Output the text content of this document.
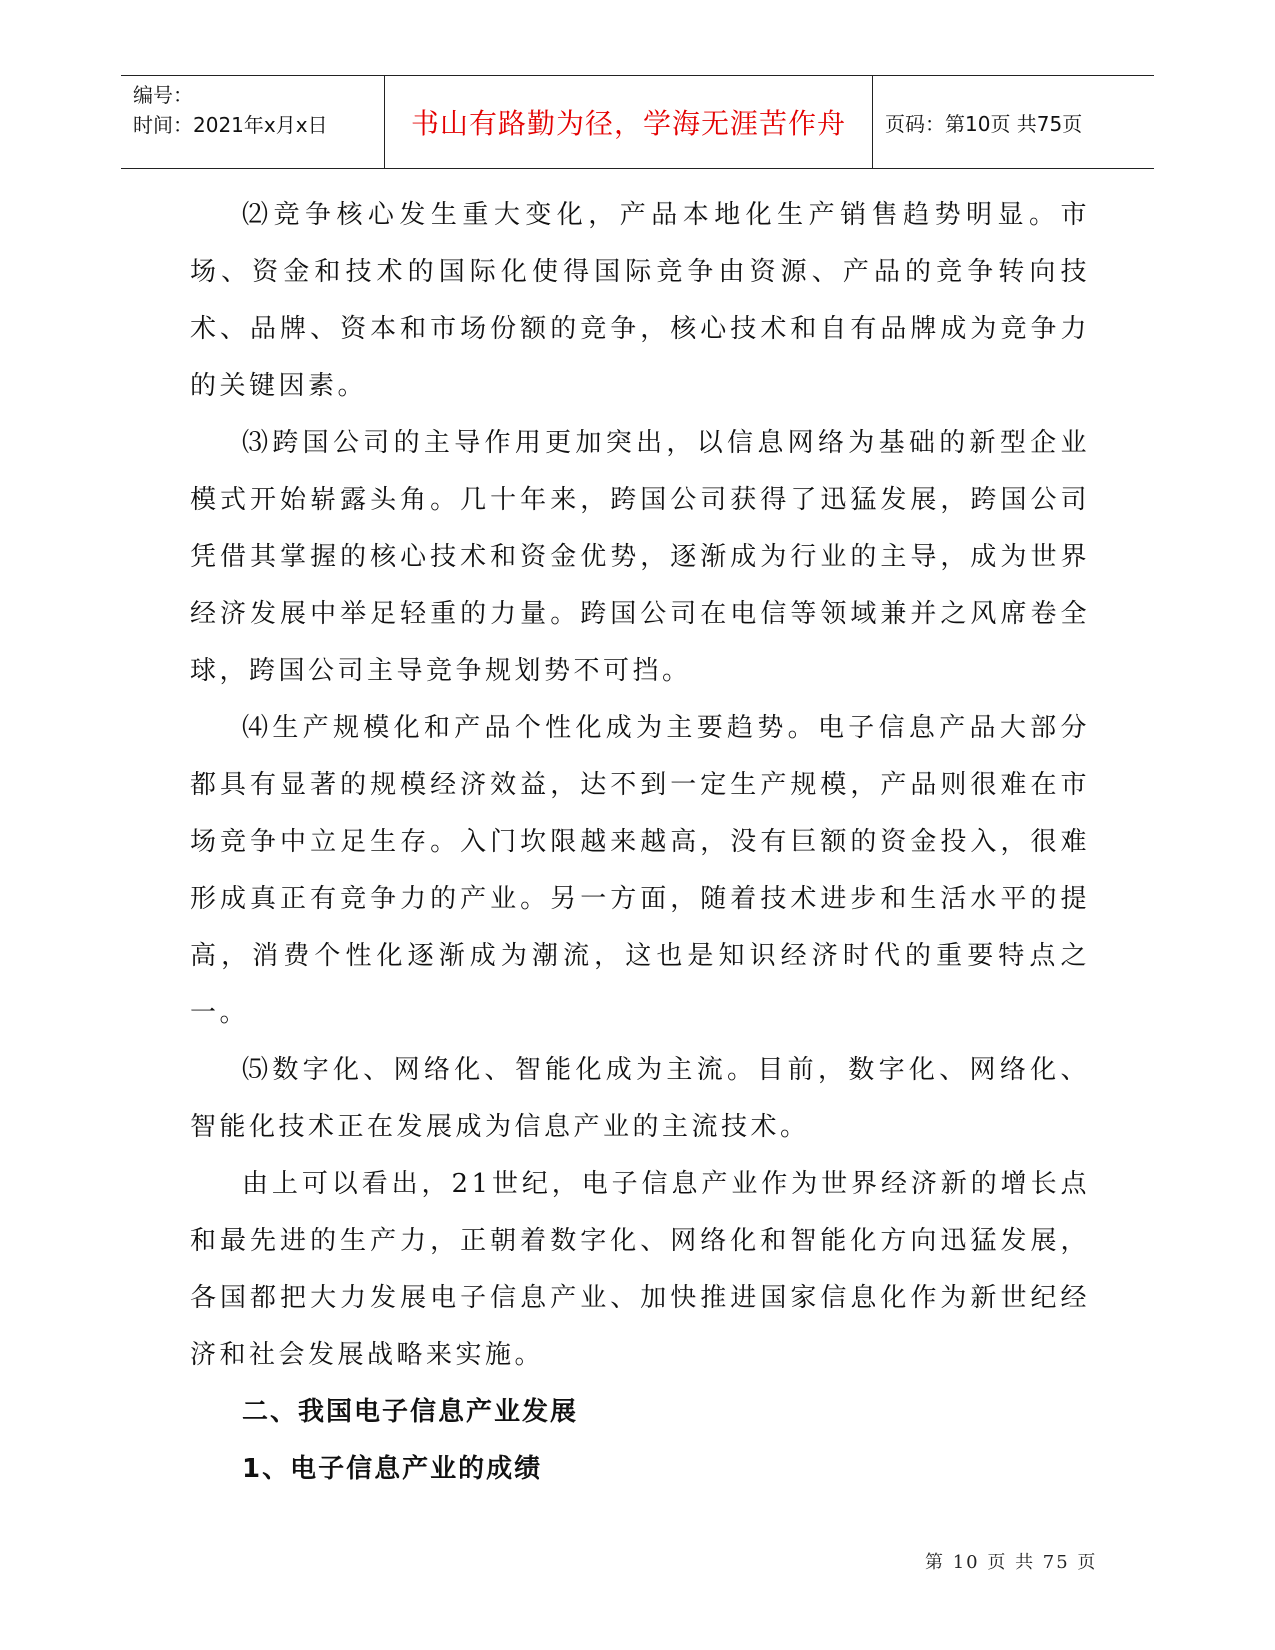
编号：
时间：2021年x月x日	书山有路勤为径，学海无涯苦作舟	页码：第10页 共75页

⑵竞争核心发生重大变化，产品本地化生产销售趋势明显。市场、资金和技术的国际化使得国际竞争由资源、产品的竞争转向技术、品牌、资本和市场份额的竞争，核心技术和自有品牌成为竞争力的关键因素。

⑶跨国公司的主导作用更加突出，以信息网络为基础的新型企业模式开始崭露头角。几十年来，跨国公司获得了迅猛发展，跨国公司凭借其掌握的核心技术和资金优势，逐渐成为行业的主导，成为世界经济发展中举足轻重的力量。跨国公司在电信等领域兼并之风席卷全球，跨国公司主导竞争规划势不可挡。

⑷生产规模化和产品个性化成为主要趋势。电子信息产品大部分都具有显著的规模经济效益，达不到一定生产规模，产品则很难在市场竞争中立足生存。入门坎限越来越高，没有巨额的资金投入，很难形成真正有竞争力的产业。另一方面，随着技术进步和生活水平的提高，消费个性化逐渐成为潮流，这也是知识经济时代的重要特点之一。

⑸数字化、网络化、智能化成为主流。目前，数字化、网络化、智能化技术正在发展成为信息产业的主流技术。

由上可以看出，21世纪，电子信息产业作为世界经济新的增长点和最先进的生产力，正朝着数字化、网络化和智能化方向迅猛发展，各国都把大力发展电子信息产业、加快推进国家信息化作为新世纪经济和社会发展战略来实施。

二、我国电子信息产业发展

1、电子信息产业的成绩

第 10 页 共 75 页
